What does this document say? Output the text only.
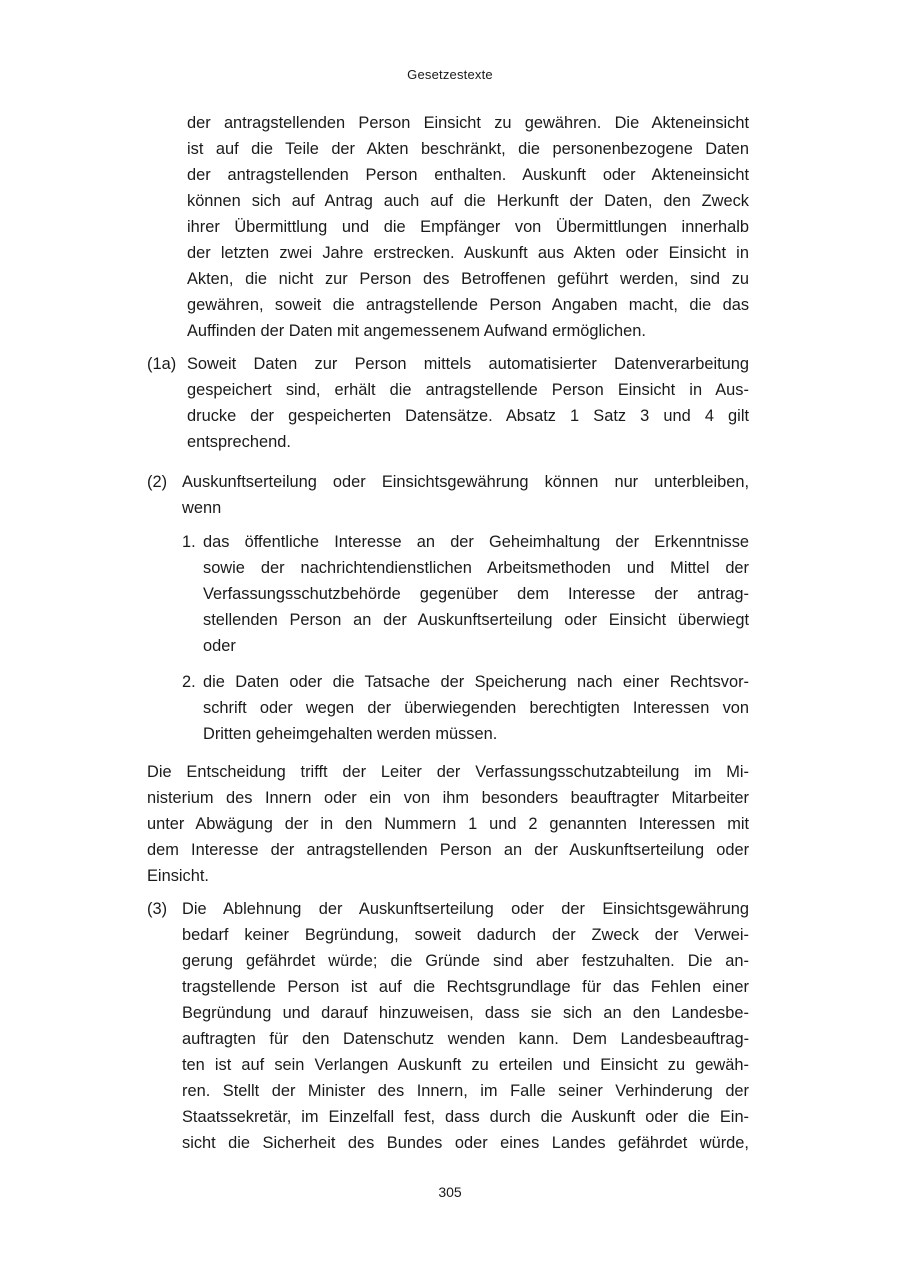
Gesetzestexte
der antragstellenden Person Einsicht zu gewähren. Die Akteneinsicht
ist auf die Teile der Akten beschränkt, die personenbezogene Daten
der antragstellenden Person enthalten. Auskunft oder Akteneinsicht
können sich auf Antrag auch auf die Herkunft der Daten, den Zweck
ihrer Übermittlung und die Empfänger von Übermittlungen innerhalb
der letzten zwei Jahre erstrecken. Auskunft aus Akten oder Einsicht in
Akten, die nicht zur Person des Betroffenen geführt werden, sind zu
gewähren, soweit die antragstellende Person Angaben macht, die das
Auffinden der Daten mit angemessenem Aufwand ermöglichen.
(1a) Soweit Daten zur Person mittels automatisierter Datenverarbeitung
gespeichert sind, erhält die antragstellende Person Einsicht in Aus-
drucke der gespeicherten Datensätze. Absatz 1 Satz 3 und 4 gilt
entsprechend.
(2) Auskunftserteilung oder Einsichtsgewährung können nur unterbleiben,
wenn
1. das öffentliche Interesse an der Geheimhaltung der Erkenntnisse
sowie der nachrichtendienstlichen Arbeitsmethoden und Mittel der
Verfassungsschutzbehörde gegenüber dem Interesse der antrag-
stellenden Person an der Auskunftserteilung oder Einsicht überwiegt
oder
2. die Daten oder die Tatsache der Speicherung nach einer Rechtsvor-
schrift oder wegen der überwiegenden berechtigten Interessen von
Dritten geheimgehalten werden müssen.
Die Entscheidung trifft der Leiter der Verfassungsschutzabteilung im Mi-
nisterium des Innern oder ein von ihm besonders beauftragter Mitarbeiter
unter Abwägung der in den Nummern 1 und 2 genannten Interessen mit
dem Interesse der antragstellenden Person an der Auskunftserteilung oder
Einsicht.
(3) Die Ablehnung der Auskunftserteilung oder der Einsichtsgewährung
bedarf keiner Begründung, soweit dadurch der Zweck der Verwei-
gerung gefährdet würde; die Gründe sind aber festzuhalten. Die an-
tragstellende Person ist auf die Rechtsgrundlage für das Fehlen einer
Begründung und darauf hinzuweisen, dass sie sich an den Landesbe-
auftragten für den Datenschutz wenden kann. Dem Landesbeauftrag-
ten ist auf sein Verlangen Auskunft zu erteilen und Einsicht zu gewäh-
ren. Stellt der Minister des Innern, im Falle seiner Verhinderung der
Staatssekretär, im Einzelfall fest, dass durch die Auskunft oder die Ein-
sicht die Sicherheit des Bundes oder eines Landes gefährdet würde,
305
